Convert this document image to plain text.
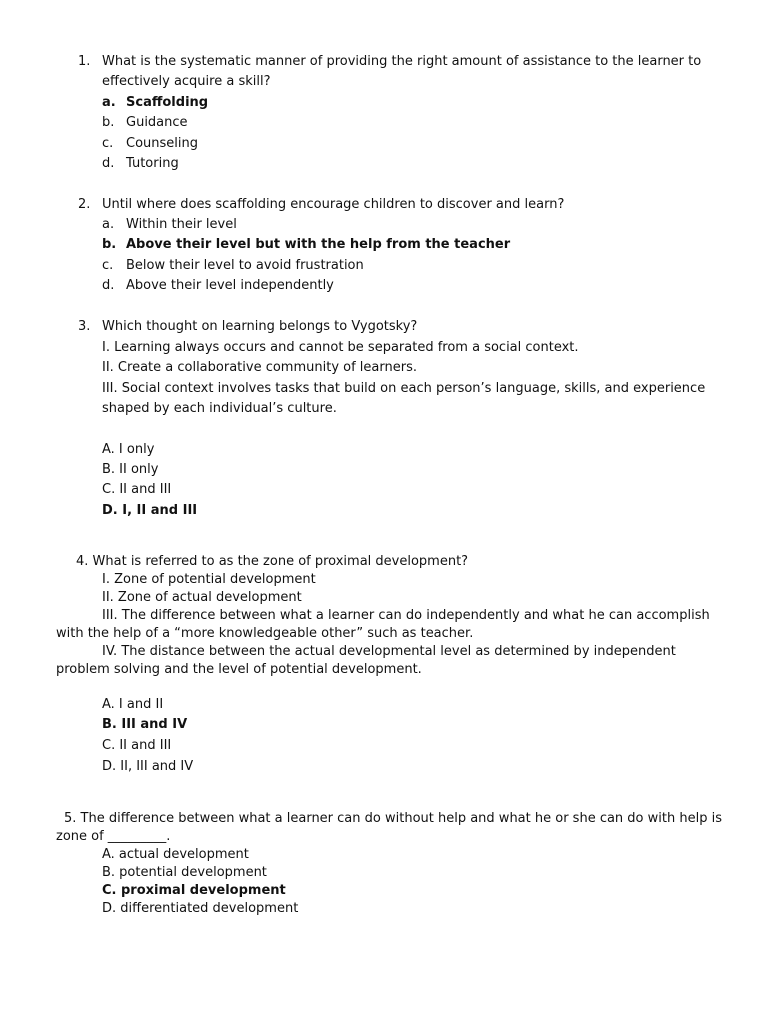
1. What is the systematic manner of providing the right amount of assistance to the learner to
effectively acquire a skill?
a. Scaffolding
b. Guidance
c. Counseling
d. Tutoring
2. Until where does scaffolding encourage children to discover and learn?
a. Within their level
b. Above their level but with the help from the teacher
c. Below their level to avoid frustration
d. Above their level independently
3. Which thought on learning belongs to Vygotsky?
I. Learning always occurs and cannot be separated from a social context.
II. Create a collaborative community of learners.
III. Social context involves tasks that build on each person’s language, skills, and experience
shaped by each individual’s culture.
A. I only
B. II only
C. II and III
D. I, II and III
4. What is referred to as the zone of proximal development?
I. Zone of potential development
II. Zone of actual development
III. The difference between what a learner can do independently and what he can accomplish
with the help of a “more knowledgeable other” such as teacher.
IV. The distance between the actual developmental level as determined by independent
problem solving and the level of potential development.
A. I and II
B. III and IV
C. II and III
D. II, III and IV
5. The difference between what a learner can do without help and what he or she can do with help is
zone of _________.
A. actual development
B. potential development
C. proximal development
D. differentiated development
